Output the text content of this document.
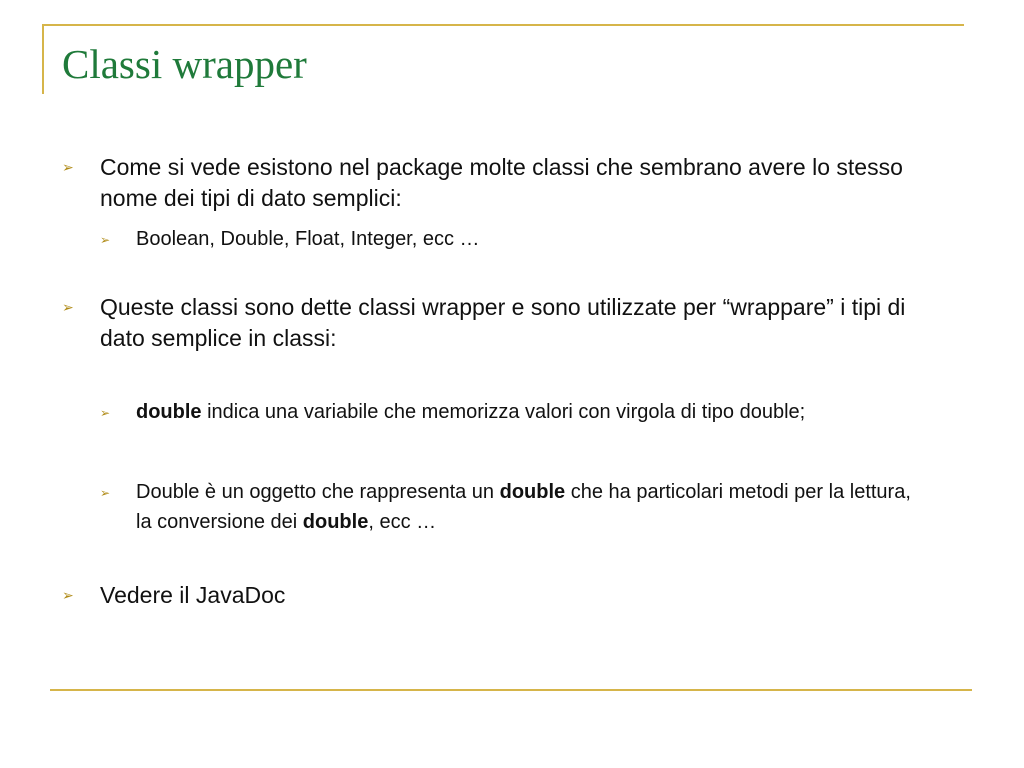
Classi wrapper
➢ Come si vede esistono nel package molte classi che sembrano avere lo stesso nome dei tipi di dato semplici:
➢ Boolean, Double, Float, Integer, ecc …
➢ Queste classi sono dette classi wrapper e sono utilizzate per “wrappare” i tipi di dato semplice in classi:
➢ double indica una variabile che memorizza valori con virgola di tipo double;
➢ Double è un oggetto che rappresenta un double che ha particolari metodi per la lettura, la conversione dei double, ecc …
➢ Vedere il JavaDoc
